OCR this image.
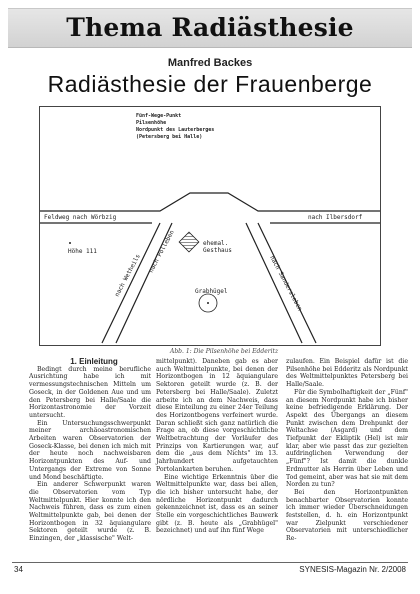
Thema Radiästhesie
Manfred Backes
Radiästhesie der Frauenberge
Fünf-Wege-Punkt
Pilsenhöhe
Nordpunkt des Lauterberges
(Petersberg bei Halle)
Feldweg nach Wörbzig	nach Ilbersdorf
Höhe 111
nach Wetheils
nach Polleben	ehemal.
Gesthaus
Grabhügel	nach Sandersleben
Abb. 1: Die Pilsenhöhe bei Edderitz

1. Einleitung

Bedingt durch meine berufliche Ausrichtung habe ich mit vermessungstechnischen Mitteln um Goseck, in der Goldenen Aue und um den Petersberg bei Halle/Saale die Horizontastronomie der Vorzeit untersucht.

Ein Untersuchungsschwerpunkt meiner archäoastronomischen Arbeiten waren Observatorien der Goseck-Klasse, bei denen ich mich mit der heute noch nachweisbaren Horizontpunkten des Auf- und Untergangs der Extreme von Sonne und Mond beschäftigte.

Ein anderer Schwerpunkt waren die Observatorien vom Typ Weltmittelpunkt. Hier konnte ich den Nachweis führen, dass es zum einen Weltmittelpunkte gab, bei denen der Horizontbogen in 32 äquiangulare Sektoren geteilt wurde (z. B. Einzingen, der „klassische" Welt-

mittelpunkt). Daneben gab es aber auch Weltmittelpunkte, bei denen der Horizontbogen in 12 äquiangulare Sektoren geteilt wurde (z. B. der Petersberg bei Halle/Saale). Zuletzt arbeite ich an dem Nachweis, dass diese Einteilung zu einer 24er Teilung des Horizontbogens verfeinert wurde. Daran schließt sich ganz natürlich die Frage an, ob diese vorgeschichtliche Weltbetrachtung der Vorläufer des Prinzips von Kartierungen war, auf dem die „aus dem Nichts" im 13. Jahrhundert aufgetauchten Portolankarten beruhen.

Eine wichtige Erkenntnis über die Weltmittelpunkte war, dass bei allen, die ich bisher untersucht habe, der nördliche Horizontpunkt dadurch gekennzeichnet ist, dass es an seiner Stelle ein vorgeschichtliches Bauwerk gibt (z. B. heute als „Grabhügel" bezeichnet) und auf ihn fünf Wege

zulaufen. Ein Beispiel dafür ist die Pilsenhöhe bei Edderitz als Nordpunkt des Weltmittelpunktes Petersberg bei Halle/Saale.

Für die Symbolhaftigkeit der „Fünf" an diesem Nordpunkt habe ich bisher keine befriedigende Erklärung. Der Aspekt des Übergangs an diesem Punkt zwischen dem Drehpunkt der Weltachse (Asgard) und dem Tiefpunkt der Ekliptik (Hel) ist mir klar, aber wie passt das zur gezielten aufdringlichen Verwendung der „Fünf"? Ist damit die dunkle Erdmutter als Herrin über Leben und Tod gemeint, aber was hat sie mit dem Norden zu tun?

Bei den Horizontpunkten benachbarter Observatorien konnte ich immer wieder Überschneidungen feststellen, d. h. ein Horizontpunkt war Zielpunkt verschiedener Observatorien mit unterschiedlicher Re-

34	SYNESIS-Magazin Nr. 2/2008
